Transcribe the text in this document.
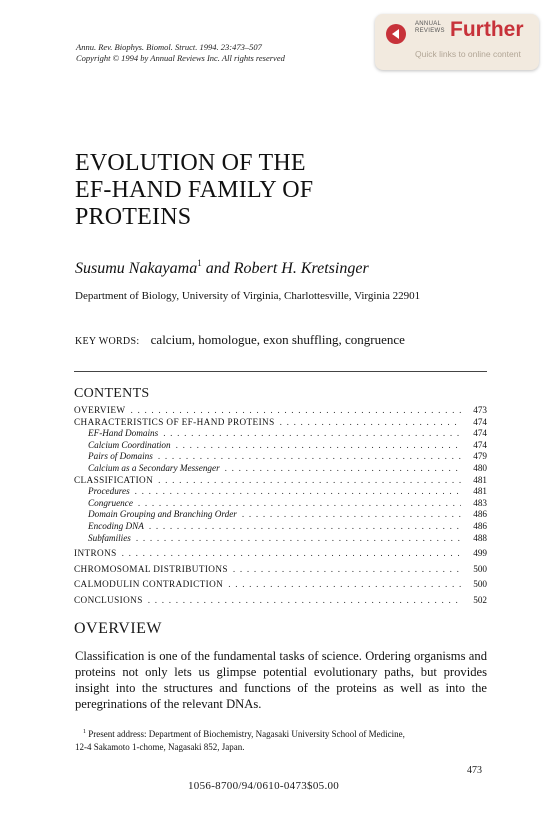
ANNUAL
REVIEWS Further
Quick links to online content
Annu. Rev. Biophys. Biomol. Struct. 1994. 23:473–507
Copyright © 1994 by Annual Reviews Inc. All rights reserved
EVOLUTION OF THE
EF-HAND FAMILY OF
PROTEINS
Susumu Nakayama$^1$ and Robert H. Kretsinger
Department of Biology, University of Virginia, Charlottesville, Virginia 22901
KEY WORDS: calcium, homologue, exon shuffling, congruence
CONTENTS
OVERVIEW . . .	473
CHARACTERISTICS OF EF-HAND PROTEINS . . .	474
EF-Hand Domains . . .	474
Calcium Coordination . . .	474
Pairs of Domains . . .	479
Calcium as a Secondary Messenger . . .	480
CLASSIFICATION . . .	481
Procedures . . .	481
Congruence . . .	483
Domain Grouping and Branching Order . . .	486
Encoding DNA . . .	486
Subfamilies . . .	488
INTRONS . . .	499
CHROMOSOMAL DISTRIBUTIONS . . .	500
CALMODULIN CONTRADICTION . . .	500
CONCLUSIONS . . .	502
OVERVIEW
Classification is one of the fundamental tasks of science. Ordering organisms and proteins not only lets us glimpse potential evolutionary paths, but provides insight into the structures and functions of the proteins as well as into the peregrinations of the relevant DNAs.
$^1$ Present address: Department of Biochemistry, Nagasaki University School of Medicine,
12-4 Sakamoto 1-chome, Nagasaki 852, Japan.
473
1056-8700/94/0610-0473$05.00
